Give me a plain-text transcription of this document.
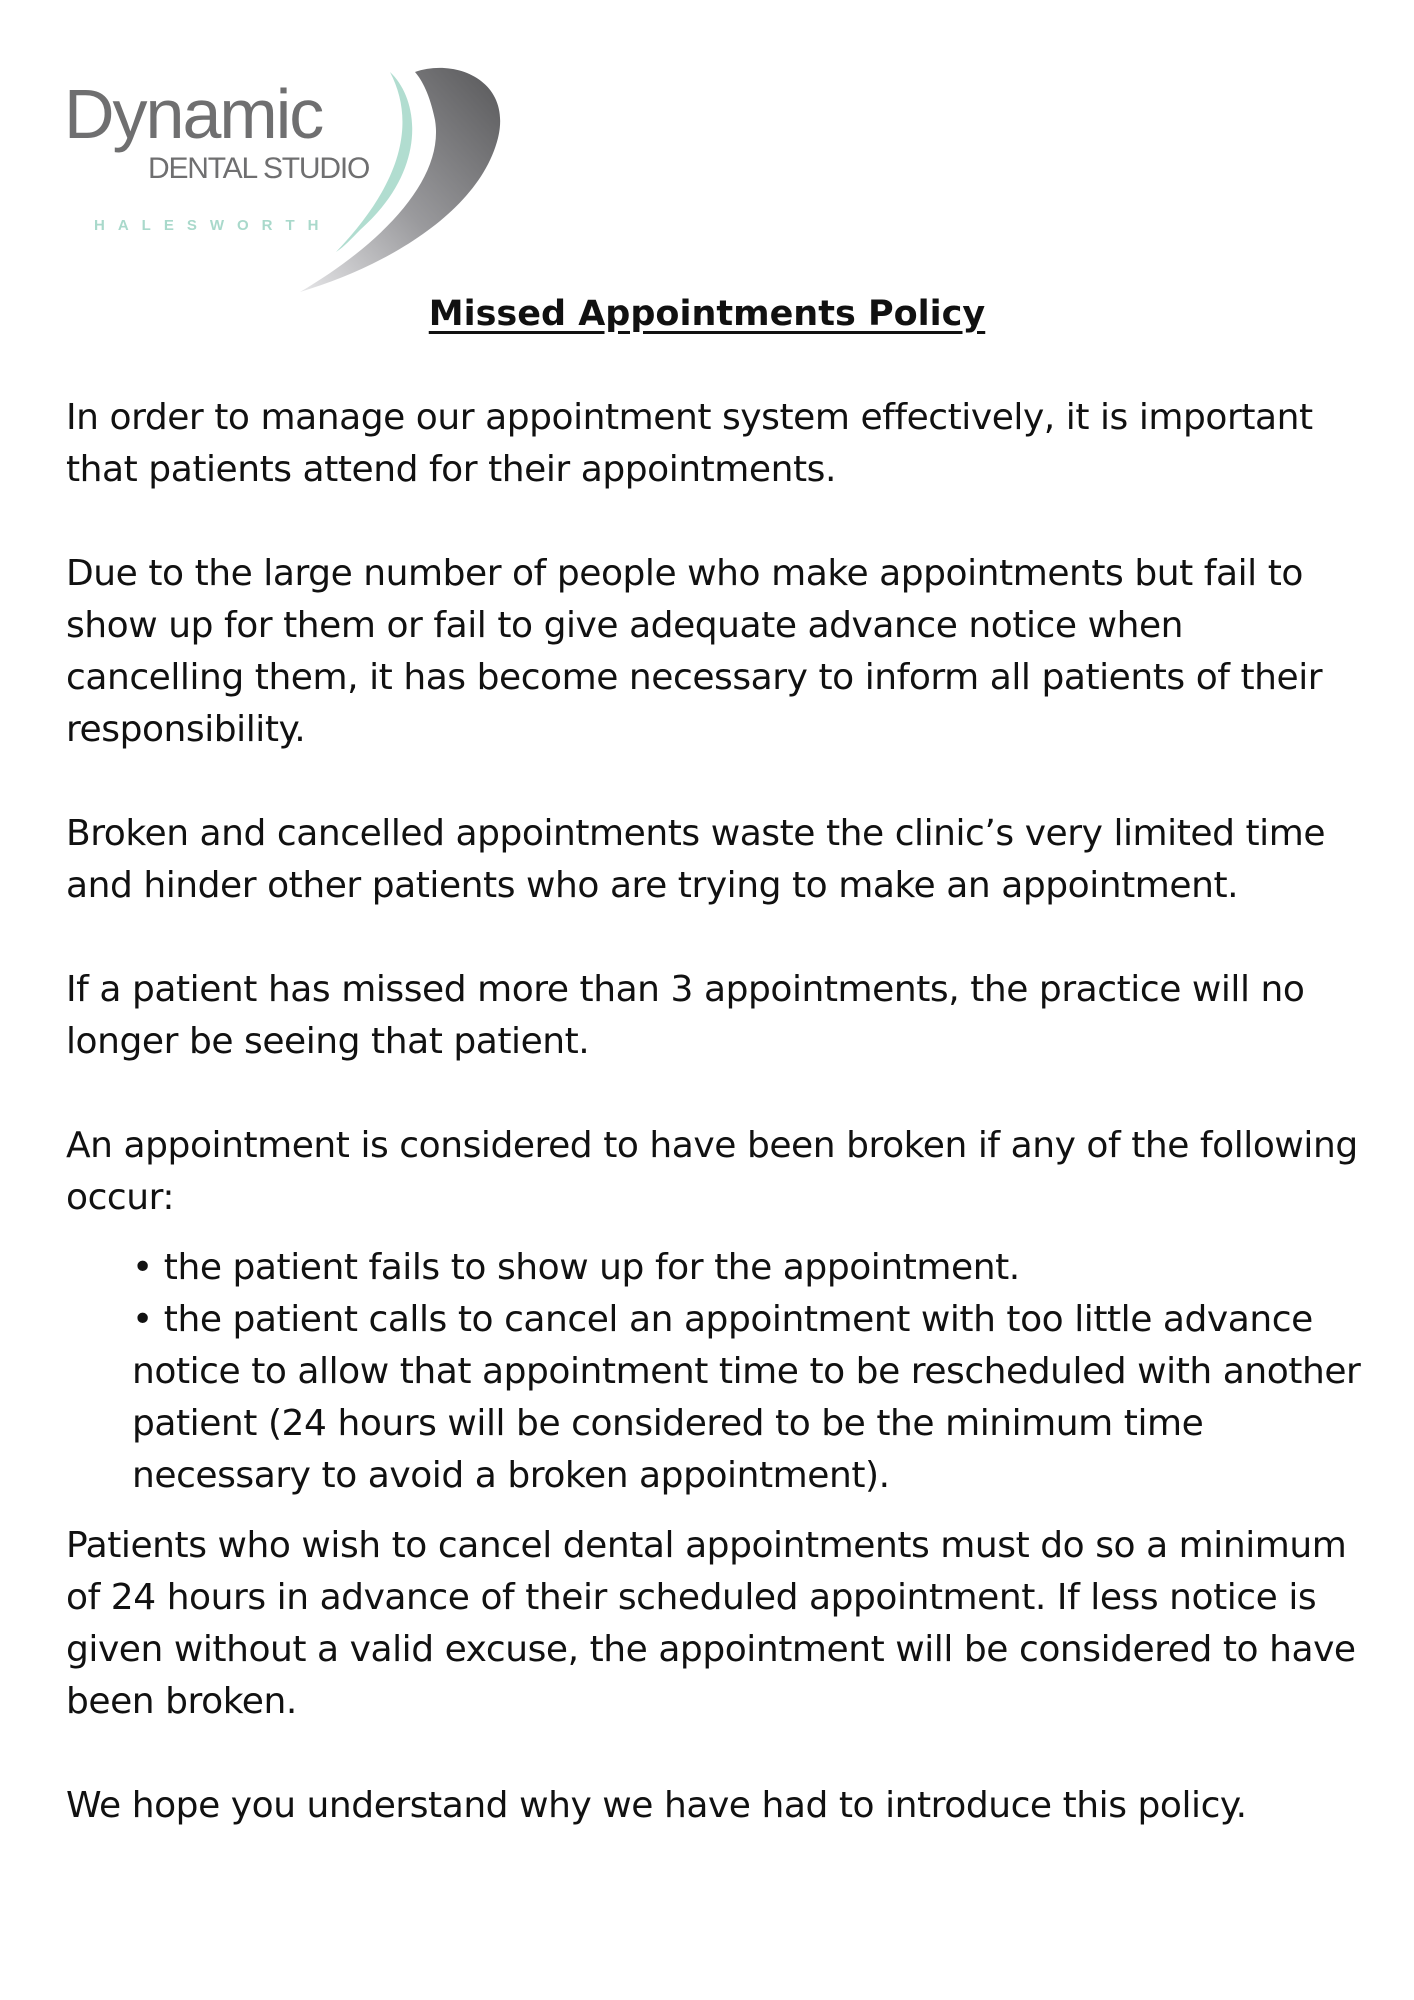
Dynamic
DENTAL STUDIO
HALESWORTH
Missed Appointments Policy

In order to manage our appointment system effectively, it is important that patients attend for their appointments.

Due to the large number of people who make appointments but fail to show up for them or fail to give adequate advance notice when cancelling them, it has become necessary to inform all patients of their responsibility.

Broken and cancelled appointments waste the clinic’s very limited time and hinder other patients who are trying to make an appointment.

If a patient has missed more than 3 appointments, the practice will no longer be seeing that patient.

An appointment is considered to have been broken if any of the following occur:

• the patient fails to show up for the appointment.
• the patient calls to cancel an appointment with too little advance notice to allow that appointment time to be rescheduled with another patient (24 hours will be considered to be the minimum time necessary to avoid a broken appointment).

Patients who wish to cancel dental appointments must do so a minimum of 24 hours in advance of their scheduled appointment. If less notice is given without a valid excuse, the appointment will be considered to have been broken.

We hope you understand why we have had to introduce this policy.
